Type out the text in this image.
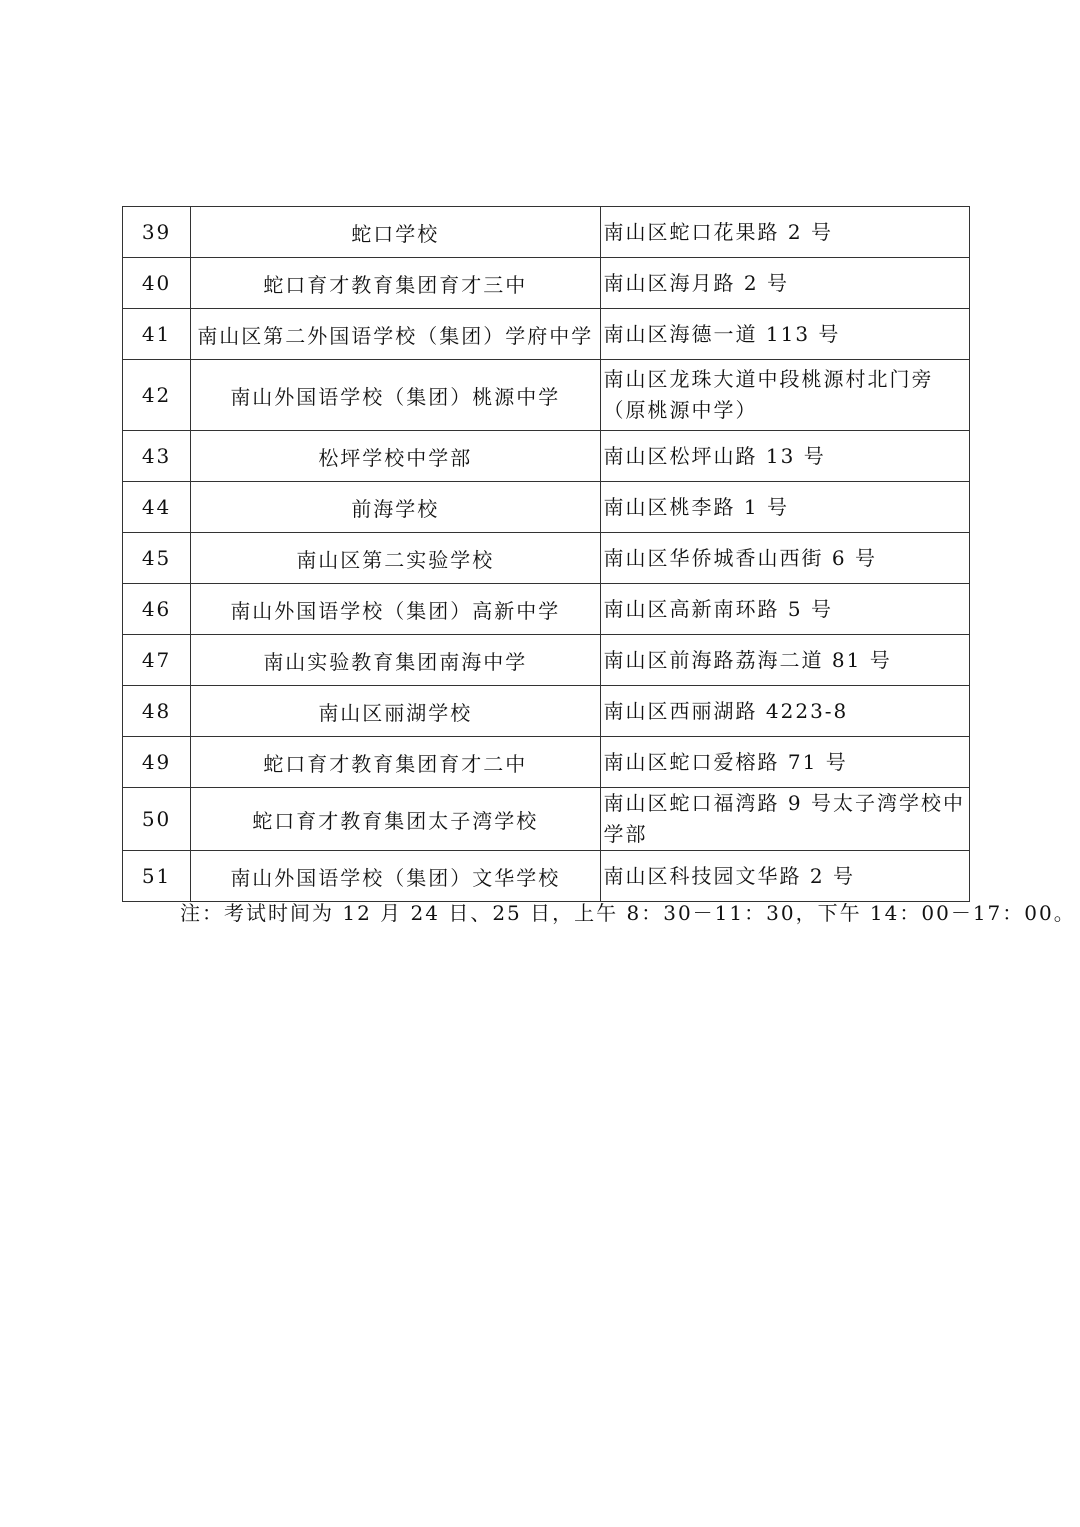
39	蛇口学校	南山区蛇口花果路 2 号
40	蛇口育才教育集团育才三中	南山区海月路 2 号
41	南山区第二外国语学校（集团）学府中学	南山区海德一道 113 号
42	南山外国语学校（集团）桃源中学	南山区龙珠大道中段桃源村北门旁（原桃源中学）
43	松坪学校中学部	南山区松坪山路 13 号
44	前海学校	南山区桃李路 1 号
45	南山区第二实验学校	南山区华侨城香山西街 6 号
46	南山外国语学校（集团）高新中学	南山区高新南环路 5 号
47	南山实验教育集团南海中学	南山区前海路荔海二道 81 号
48	南山区丽湖学校	南山区西丽湖路 4223-8
49	蛇口育才教育集团育才二中	南山区蛇口爱榕路 71 号
50	蛇口育才教育集团太子湾学校	南山区蛇口福湾路 9 号太子湾学校中学部
51	南山外国语学校（集团）文华学校	南山区科技园文华路 2 号
注：考试时间为 12 月 24 日、25 日，上午 8：30－11：30，下午 14：00－17：00。
